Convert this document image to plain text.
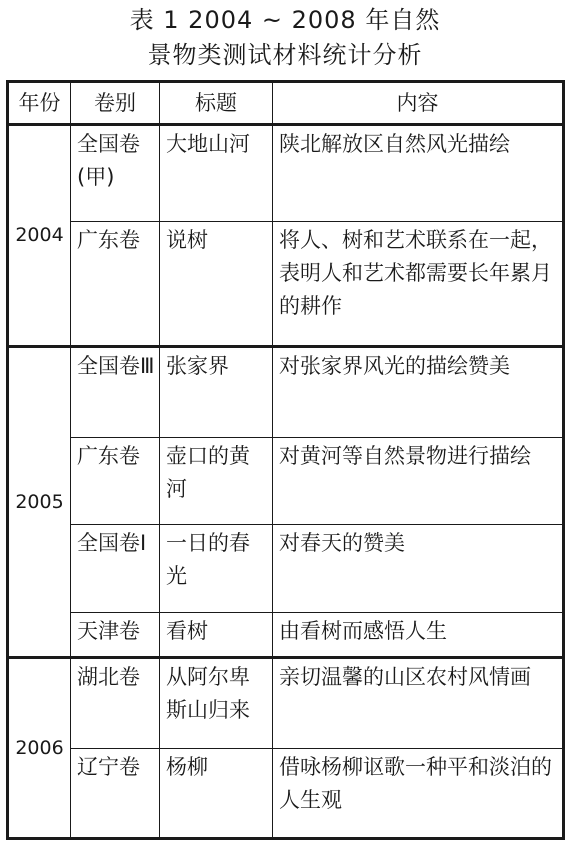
表 1 2004 ~ 2008 年自然
景物类测试材料统计分析
年份	卷别	标题	内容
2004	全国卷(甲)	大地山河	陕北解放区自然风光描绘
	广东卷	说树	将人、树和艺术联系在一起，表明人和艺术都需要长年累月的耕作
2005	全国卷Ⅲ	张家界	对张家界风光的描绘赞美
	广东卷	壶口的黄河	对黄河等自然景物进行描绘
	全国卷Ⅰ	一日的春光	对春天的赞美
	天津卷	看树	由看树而感悟人生
2006	湖北卷	从阿尔卑斯山归来	亲切温馨的山区农村风情画
	辽宁卷	杨柳	借咏杨柳讴歌一种平和淡泊的人生观
